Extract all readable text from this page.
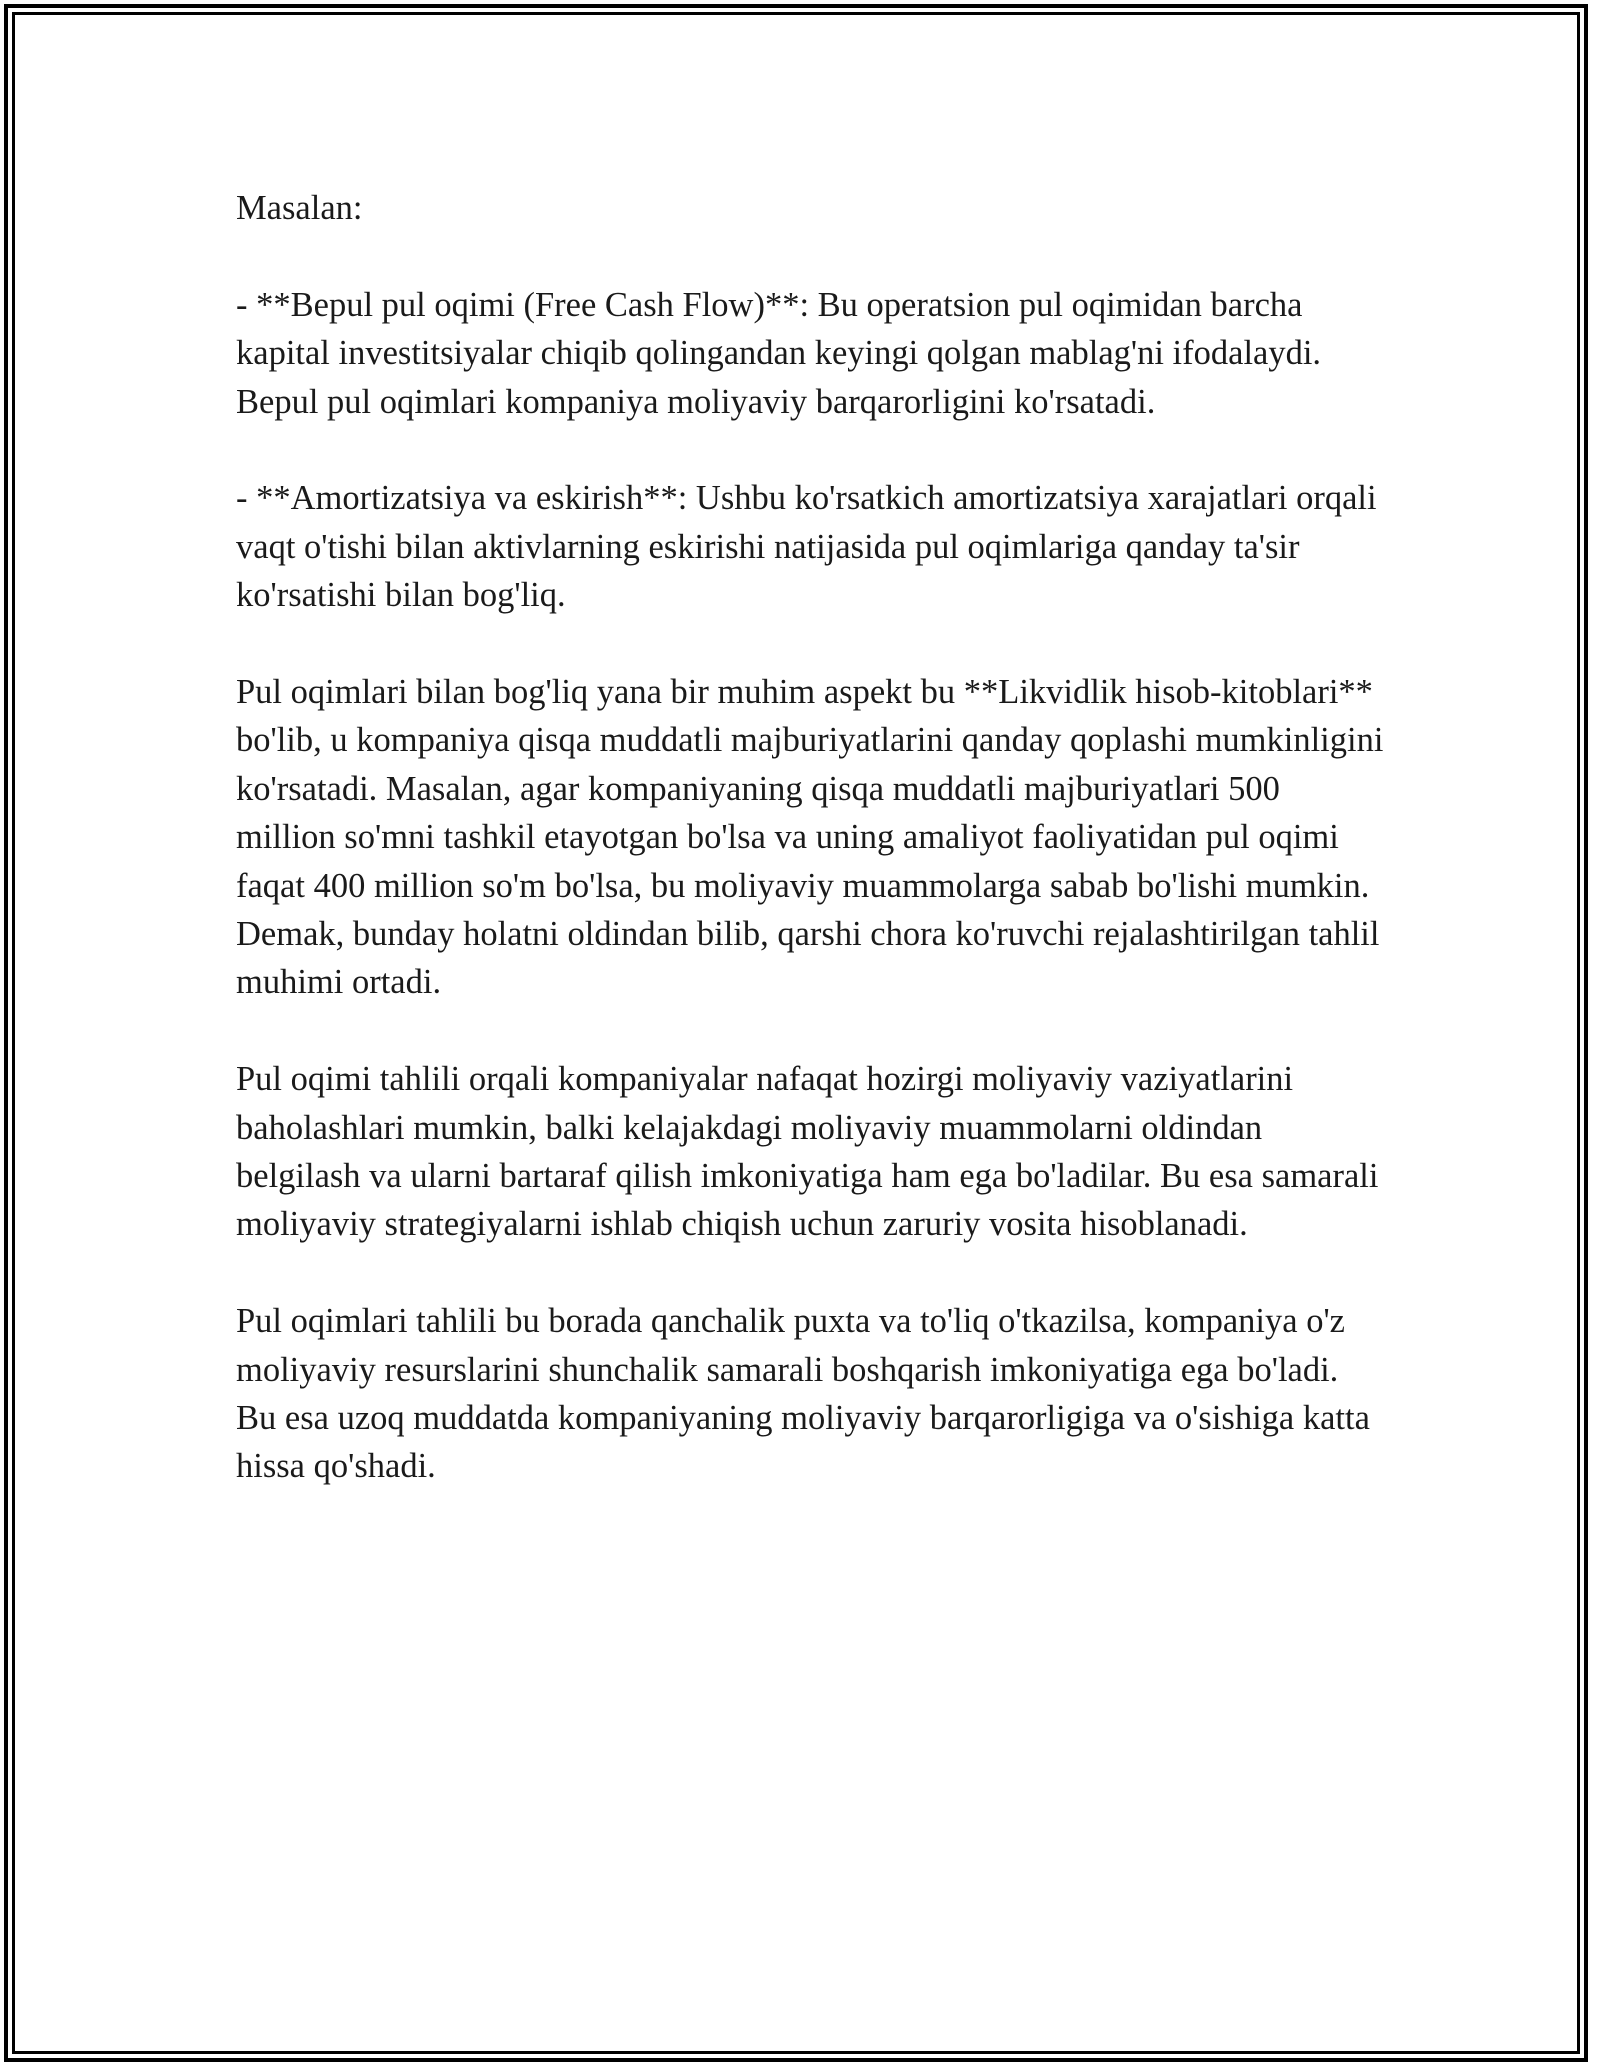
Masalan:

- **Bepul pul oqimi (Free Cash Flow)**: Bu operatsion pul oqimidan barcha kapital investitsiyalar chiqib qolingandan keyingi qolgan mablag'ni ifodalaydi. Bepul pul oqimlari kompaniya moliyaviy barqarorligini ko'rsatadi.

- **Amortizatsiya va eskirish**: Ushbu ko'rsatkich amortizatsiya xarajatlari orqali vaqt o'tishi bilan aktivlarning eskirishi natijasida pul oqimlariga qanday ta'sir ko'rsatishi bilan bog'liq.

Pul oqimlari bilan bog'liq yana bir muhim aspekt bu **Likvidlik hisob-kitoblari** bo'lib, u kompaniya qisqa muddatli majburiyatlarini qanday qoplashi mumkinligini ko'rsatadi. Masalan, agar kompaniyaning qisqa muddatli majburiyatlari 500 million so'mni tashkil etayotgan bo'lsa va uning amaliyot faoliyatidan pul oqimi faqat 400 million so'm bo'lsa, bu moliyaviy muammolarga sabab bo'lishi mumkin. Demak, bunday holatni oldindan bilib, qarshi chora ko'ruvchi rejalashtirilgan tahlil muhimi ortadi.

Pul oqimi tahlili orqali kompaniyalar nafaqat hozirgi moliyaviy vaziyatlarini baholashlari mumkin, balki kelajakdagi moliyaviy muammolarni oldindan belgilash va ularni bartaraf qilish imkoniyatiga ham ega bo'ladilar. Bu esa samarali moliyaviy strategiyalarni ishlab chiqish uchun zaruriy vosita hisoblanadi.

Pul oqimlari tahlili bu borada qanchalik puxta va to'liq o'tkazilsa, kompaniya o'z moliyaviy resurslarini shunchalik samarali boshqarish imkoniyatiga ega bo'ladi. Bu esa uzoq muddatda kompaniyaning moliyaviy barqarorligiga va o'sishiga katta hissa qo'shadi.
